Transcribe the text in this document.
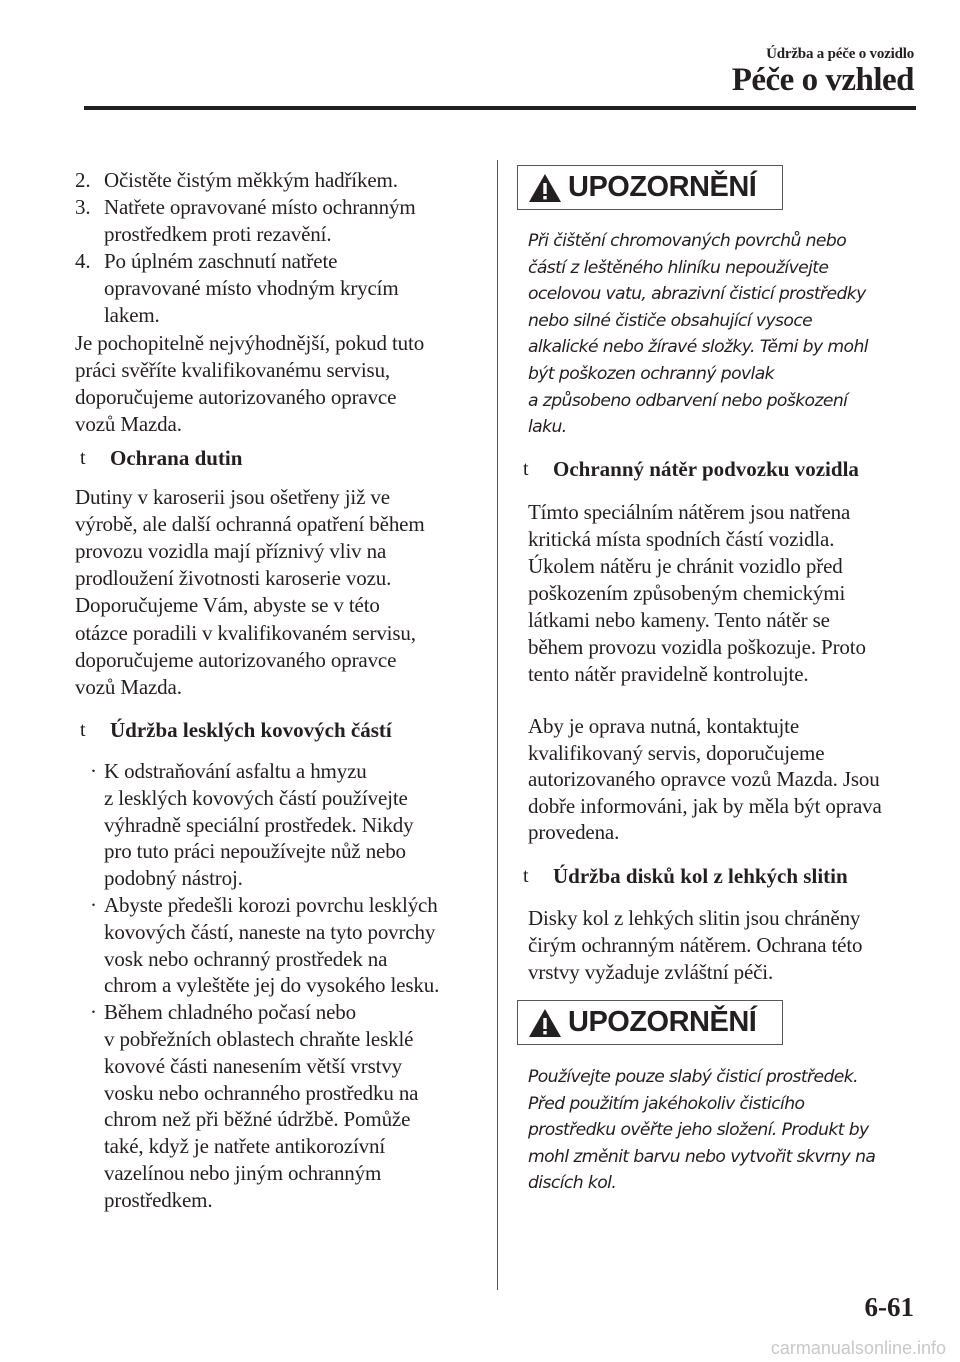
Údržba a péče o vozidlo
Péče o vzhled
2. Očistěte čistým měkkým hadříkem.
3. Natřete opravované místo ochranným
prostředkem proti rezavění.
4. Po úplném zaschnutí natřete
opravované místo vhodným krycím
lakem.
Je pochopitelně nejvýhodnější, pokud tuto
práci svěříte kvalifikovanému servisu,
doporučujeme autorizovaného opravce
vozů Mazda.
t Ochrana dutin
Dutiny v karoserii jsou ošetřeny již ve
výrobě, ale další ochranná opatření během
provozu vozidla mají příznivý vliv na
prodloužení životnosti karoserie vozu.
Doporučujeme Vám, abyste se v této
otázce poradili v kvalifikovaném servisu,
doporučujeme autorizovaného opravce
vozů Mazda.
t Údržba lesklých kovových částí
· K odstraňování asfaltu a hmyzu
z lesklých kovových částí používejte
výhradně speciální prostředek. Nikdy
pro tuto práci nepoužívejte nůž nebo
podobný nástroj.
· Abyste předešli korozi povrchu lesklých
kovových částí, naneste na tyto povrchy
vosk nebo ochranný prostředek na
chrom a vyleštěte jej do vysokého lesku.
· Během chladného počasí nebo
v pobřežních oblastech chraňte lesklé
kovové části nanesením větší vrstvy
vosku nebo ochranného prostředku na
chrom než při běžné údržbě. Pomůže
také, když je natřete antikorozívní
vazelínou nebo jiným ochranným
prostředkem.
UPOZORNĚNÍ
Při čištění chromovaných povrchů nebo
částí z leštěného hliníku nepoužívejte
ocelovou vatu, abrazivní čisticí prostředky
nebo silné čističe obsahující vysoce
alkalické nebo žíravé složky. Těmi by mohl
být poškozen ochranný povlak
a způsobeno odbarvení nebo poškození
laku.
t Ochranný nátěr podvozku vozidla
Tímto speciálním nátěrem jsou natřena
kritická místa spodních částí vozidla.
Úkolem nátěru je chránit vozidlo před
poškozením způsobeným chemickými
látkami nebo kameny. Tento nátěr se
během provozu vozidla poškozuje. Proto
tento nátěr pravidelně kontrolujte.
Aby je oprava nutná, kontaktujte
kvalifikovaný servis, doporučujeme
autorizovaného opravce vozů Mazda. Jsou
dobře informováni, jak by měla být oprava
provedena.
t Údržba disků kol z lehkých slitin
Disky kol z lehkých slitin jsou chráněny
čirým ochranným nátěrem. Ochrana této
vrstvy vyžaduje zvláštní péči.
UPOZORNĚNÍ
Používejte pouze slabý čisticí prostředek.
Před použitím jakéhokoliv čisticího
prostředku ověřte jeho složení. Produkt by
mohl změnit barvu nebo vytvořit skvrny na
discích kol.
6-61
carmanualsonline.info
